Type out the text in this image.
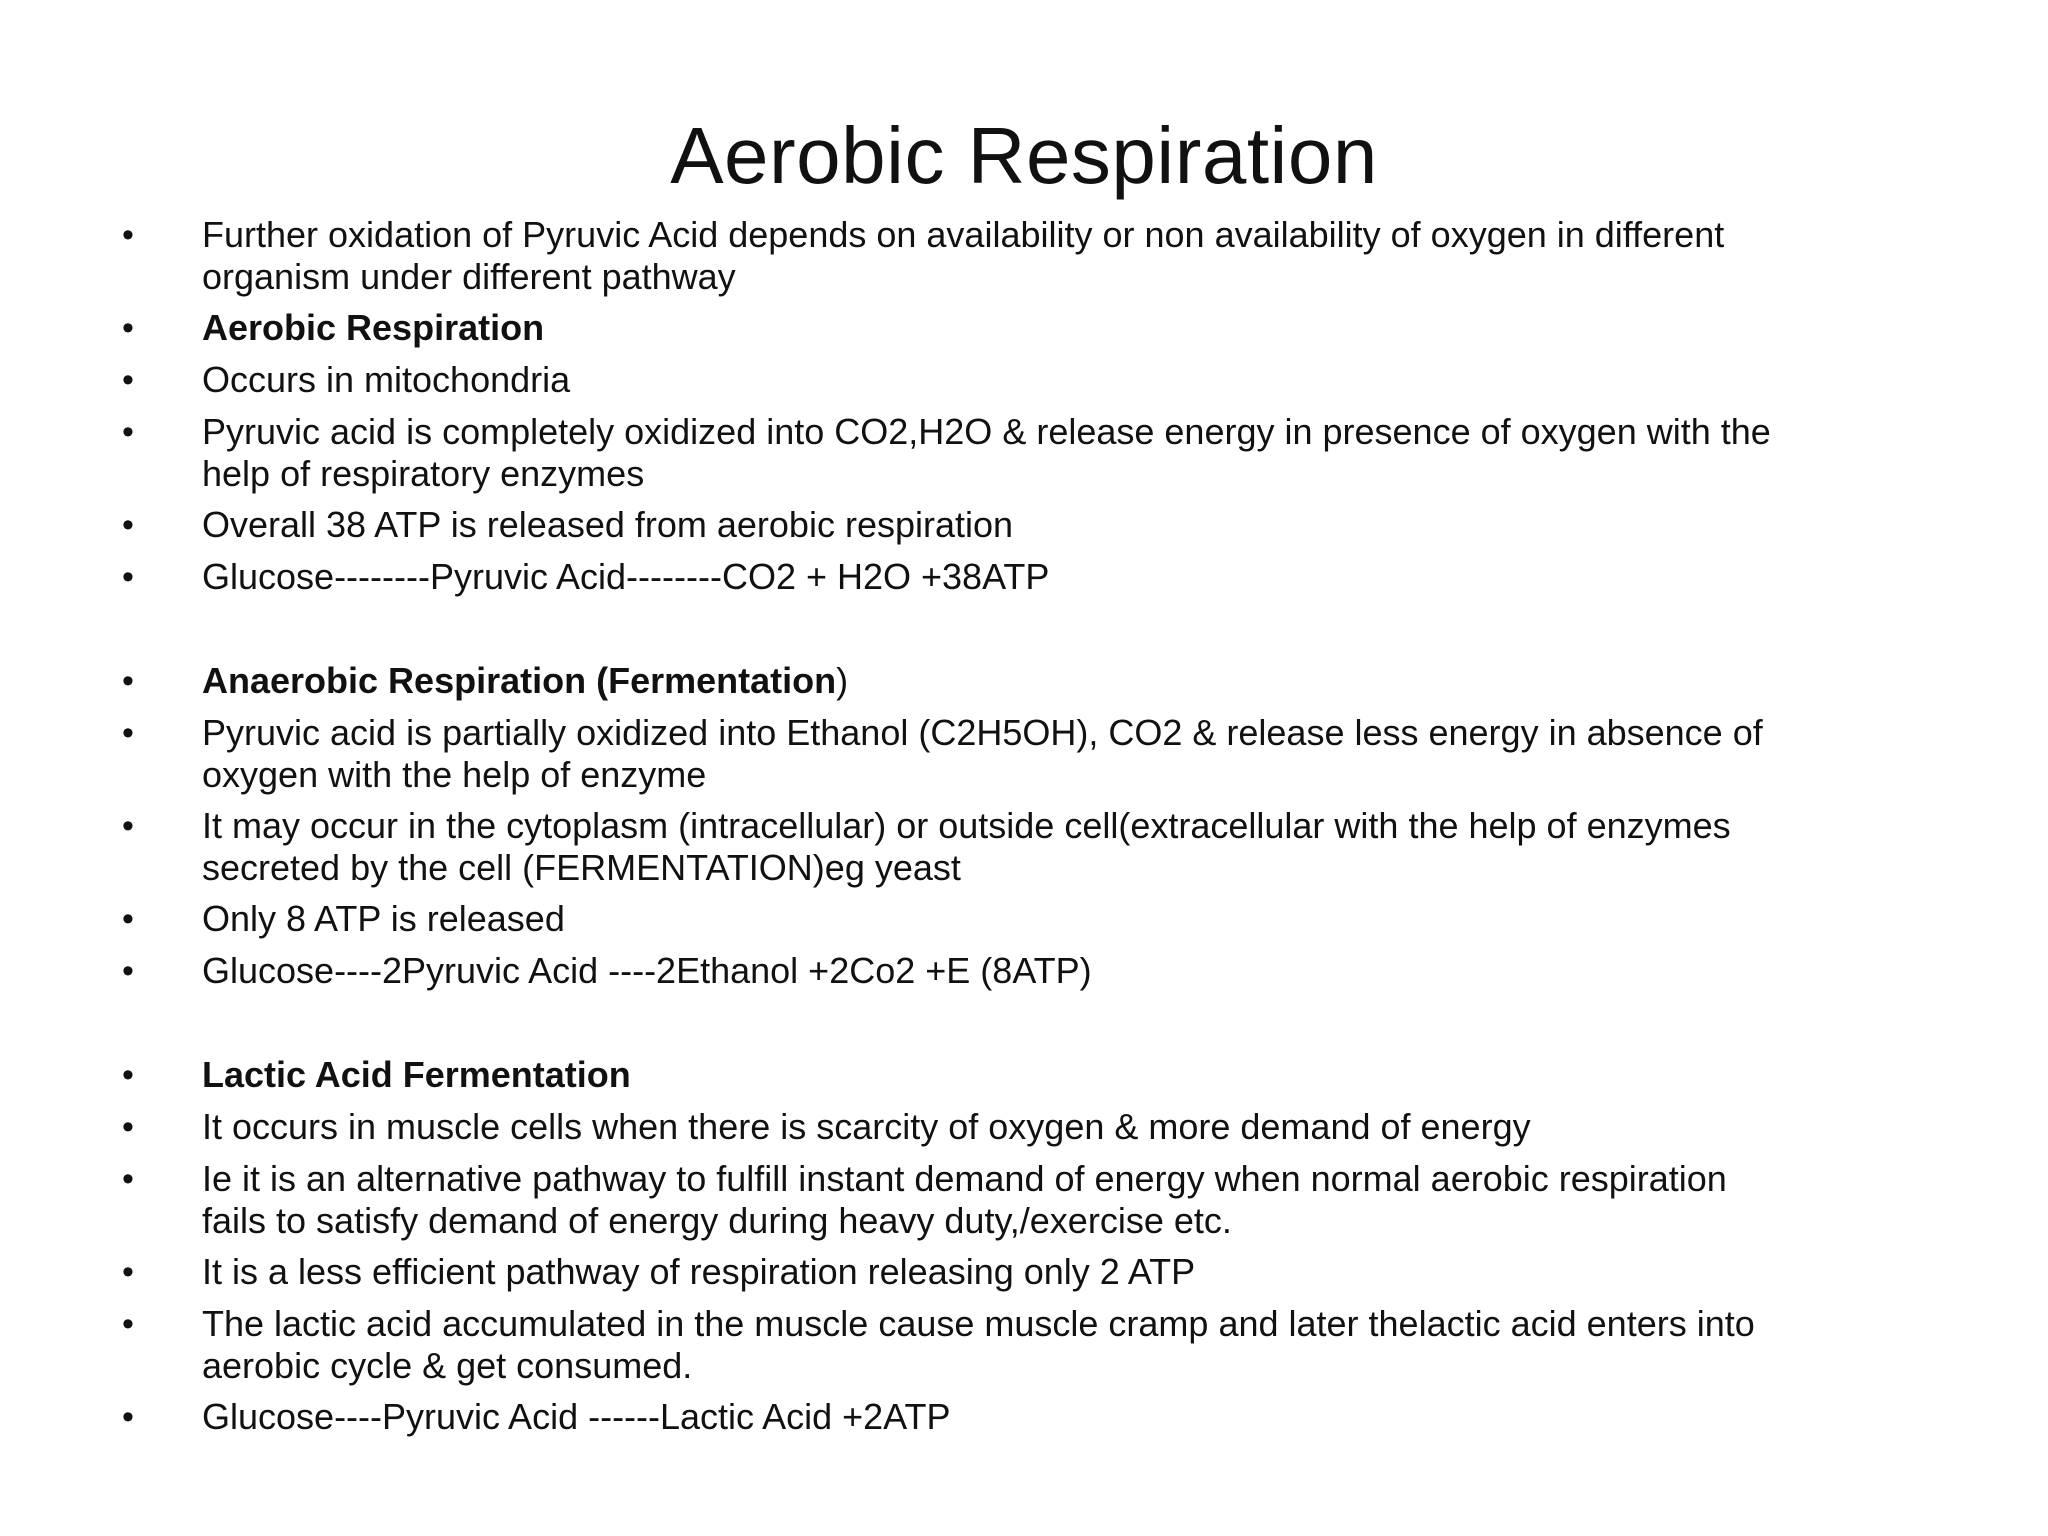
Aerobic Respiration
• Further oxidation of Pyruvic Acid depends on availability or non availability of oxygen in different
organism under different pathway
• Aerobic Respiration
• Occurs in mitochondria
• Pyruvic acid is completely oxidized into CO2,H2O & release energy in presence of oxygen with the
help of respiratory enzymes
• Overall 38 ATP is released from aerobic respiration
• Glucose--------Pyruvic Acid--------CO2 + H2O +38ATP
• Anaerobic Respiration (Fermentation)
• Pyruvic acid is partially oxidized into Ethanol (C2H5OH), CO2 & release less energy in absence of
oxygen with the help of enzyme
• It may occur in the cytoplasm (intracellular) or outside cell(extracellular with the help of enzymes
secreted by the cell (FERMENTATION)eg yeast
• Only 8 ATP is released
• Glucose----2Pyruvic Acid ----2Ethanol +2Co2 +E (8ATP)
• Lactic Acid Fermentation
• It occurs in muscle cells when there is scarcity of oxygen & more demand of energy
• Ie it is an alternative pathway to fulfill instant demand of energy when normal aerobic respiration
fails to satisfy demand of energy during heavy duty,/exercise etc.
• It is a less efficient pathway of respiration releasing only 2 ATP
• The lactic acid accumulated in the muscle cause muscle cramp and later thelactic acid enters into
aerobic cycle & get consumed.
• Glucose----Pyruvic Acid ------Lactic Acid +2ATP
